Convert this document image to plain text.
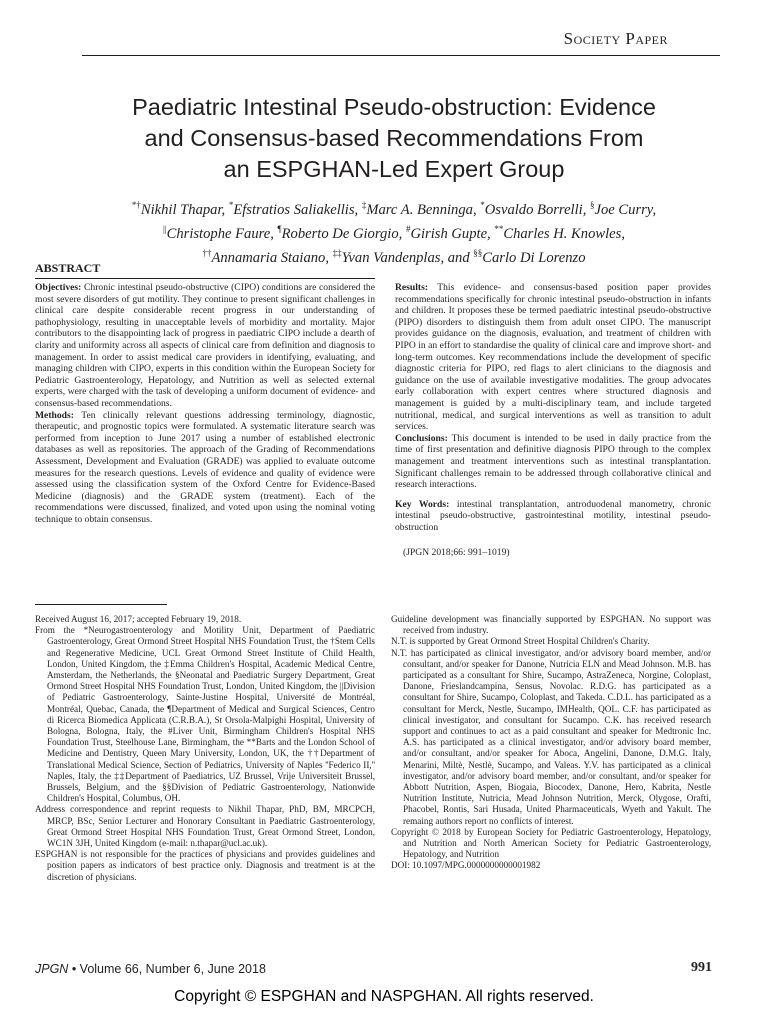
Society Paper
Paediatric Intestinal Pseudo-obstruction: Evidence
and Consensus-based Recommendations From
an ESPGHAN-Led Expert Group
*†Nikhil Thapar, *Efstratios Saliakellis, ‡Marc A. Benninga, *Osvaldo Borrelli, §Joe Curry,
||Christophe Faure, ¶Roberto De Giorgio, #Girish Gupte, **Charles H. Knowles,
††Annamaria Staiano, ‡‡Yvan Vandenplas, and §§Carlo Di Lorenzo
ABSTRACT

Objectives: Chronic intestinal pseudo-obstructive (CIPO) conditions are considered the most severe disorders of gut motility. They continue to present significant challenges in clinical care despite considerable recent progress in our understanding of pathophysiology, resulting in unacceptable levels of morbidity and mortality. Major contributors to the disappointing lack of progress in paediatric CIPO include a dearth of clarity and uniformity across all aspects of clinical care from definition and diagnosis to management. In order to assist medical care providers in identifying, evaluating, and managing children with CIPO, experts in this condition within the European Society for Pediatric Gastroenterology, Hepatology, and Nutrition as well as selected external experts, were charged with the task of developing a uniform document of evidence- and consensus-based recommendations.

Methods: Ten clinically relevant questions addressing terminology, diagnostic, therapeutic, and prognostic topics were formulated. A systematic literature search was performed from inception to June 2017 using a number of established electronic databases as well as repositories. The approach of the Grading of Recommendations Assessment, Development and Evaluation (GRADE) was applied to evaluate outcome measures for the research questions. Levels of evidence and quality of evidence were assessed using the classification system of the Oxford Centre for Evidence-Based Medicine (diagnosis) and the GRADE system (treatment). Each of the recommendations were discussed, finalized, and voted upon using the nominal voting technique to obtain consensus.

Results: This evidence- and consensus-based position paper provides recommendations specifically for chronic intestinal pseudo-obstruction in infants and children. It proposes these be termed paediatric intestinal pseudo-obstructive (PIPO) disorders to distinguish them from adult onset CIPO. The manuscript provides guidance on the diagnosis, evaluation, and treatment of children with PIPO in an effort to standardise the quality of clinical care and improve short- and long-term outcomes. Key recommendations include the development of specific diagnostic criteria for PIPO, red flags to alert clinicians to the diagnosis and guidance on the use of available investigative modalities. The group advocates early collaboration with expert centres where structured diagnosis and management is guided by a multi-disciplinary team, and include targeted nutritional, medical, and surgical interventions as well as transition to adult services.

Conclusions: This document is intended to be used in daily practice from the time of first presentation and definitive diagnosis PIPO through to the complex management and treatment interventions such as intestinal transplantation. Significant challenges remain to be addressed through collaborative clinical and research interactions.

Key Words: intestinal transplantation, antroduodenal manometry, chronic intestinal pseudo-obstructive, gastrointestinal motility, intestinal pseudo-obstruction

(JPGN 2018;66: 991–1019)

Received August 16, 2017; accepted February 19, 2018.

From the *Neurogastroenterology and Motility Unit, Department of Paediatric Gastroenterology, Great Ormond Street Hospital NHS Foundation Trust, the †Stem Cells and Regenerative Medicine, UCL Great Ormond Street Institute of Child Health, London, United Kingdom, the ‡Emma Children's Hospital, Academic Medical Centre, Amsterdam, the Netherlands, the §Neonatal and Paediatric Surgery Department, Great Ormond Street Hospital NHS Foundation Trust, London, United Kingdom, the ||Division of Pediatric Gastroenterology, Sainte-Justine Hospital, Université de Montréal, Montréal, Quebac, Canada, the ¶Department of Medical and Surgical Sciences, Centro di Ricerca Biomedica Applicata (C.R.B.A.), St Orsola-Malpighi Hospital, University of Bologna, Bologna, Italy, the #Liver Unit, Birmingham Children's Hospital NHS Foundation Trust, Steelhouse Lane, Birmingham, the **Barts and the London School of Medicine and Dentistry, Queen Mary University, London, UK, the ††Department of Translational Medical Science, Section of Pediatrics, University of Naples ''Federico II,'' Naples, Italy, the ‡‡Department of Paediatrics, UZ Brussel, Vrije Universiteit Brussel, Brussels, Belgium, and the §§Division of Pediatric Gastroenterology, Nationwide Children's Hospital, Columbus, OH.

Address correspondence and reprint requests to Nikhil Thapar, PhD, BM, MRCPCH, MRCP, BSc, Senior Lecturer and Honorary Consultant in Paediatric Gastroenterology, Great Ormond Street Hospital NHS Foundation Trust, Great Ormond Street, London, WC1N 3JH, United Kingdom (e-mail: n.thapar@ucl.ac.uk).

ESPGHAN is not responsible for the practices of physicians and provides guidelines and position papers as indicators of best practice only. Diagnosis and treatment is at the discretion of physicians.

Guideline development was financially supported by ESPGHAN. No support was received from industry.

N.T. is supported by Great Ormond Street Hospital Children's Charity.

N.T. has participated as clinical investigator, and/or advisory board member, and/or consultant, and/or speaker for Danone, Nutricia ELN and Mead Johnson. M.B. has participated as a consultant for Shire, Sucampo, AstraZeneca, Norgine, Coloplast, Danone, Frieslandcampina, Sensus, Novolac. R.D.G. has participated as a consultant for Shire, Sucampo, Coloplast, and Takeda. C.D.L. has participated as a consultant for Merck, Nestle, Sucampo, IMHealth, QOL. C.F. has participated as clinical investigator, and consultant for Sucampo. C.K. has received research support and continues to act as a paid consultant and speaker for Medtronic Inc. A.S. has participated as a clinical investigator, and/or advisory board member, and/or consultant, and/or speaker for Aboca, Angelini, Danone, D.M.G. Italy, Menarini, Miltè, Nestlè, Sucampo, and Valeas. Y.V. has participated as a clinical investigator, and/or advisory board member, and/or consultant, and/or speaker for Abbott Nutrition, Aspen, Biogaia, Biocodex, Danone, Hero, Kabrita, Nestle Nutrition Institute, Nutricia, Mead Johnson Nutrition, Merck, Olygose, Orafti, Phacobel, Rontis, Sari Husada, United Pharmaceuticals, Wyeth and Yakult. The remaing authors report no conflicts of interest.

Copyright © 2018 by European Society for Pediatric Gastroenterology, Hepatology, and Nutrition and North American Society for Pediatric Gastroenterology, Hepatology, and Nutrition

DOI: 10.1097/MPG.0000000000001982

JPGN • Volume 66, Number 6, June 2018	991
Copyright © ESPGHAN and NASPGHAN. All rights reserved.
